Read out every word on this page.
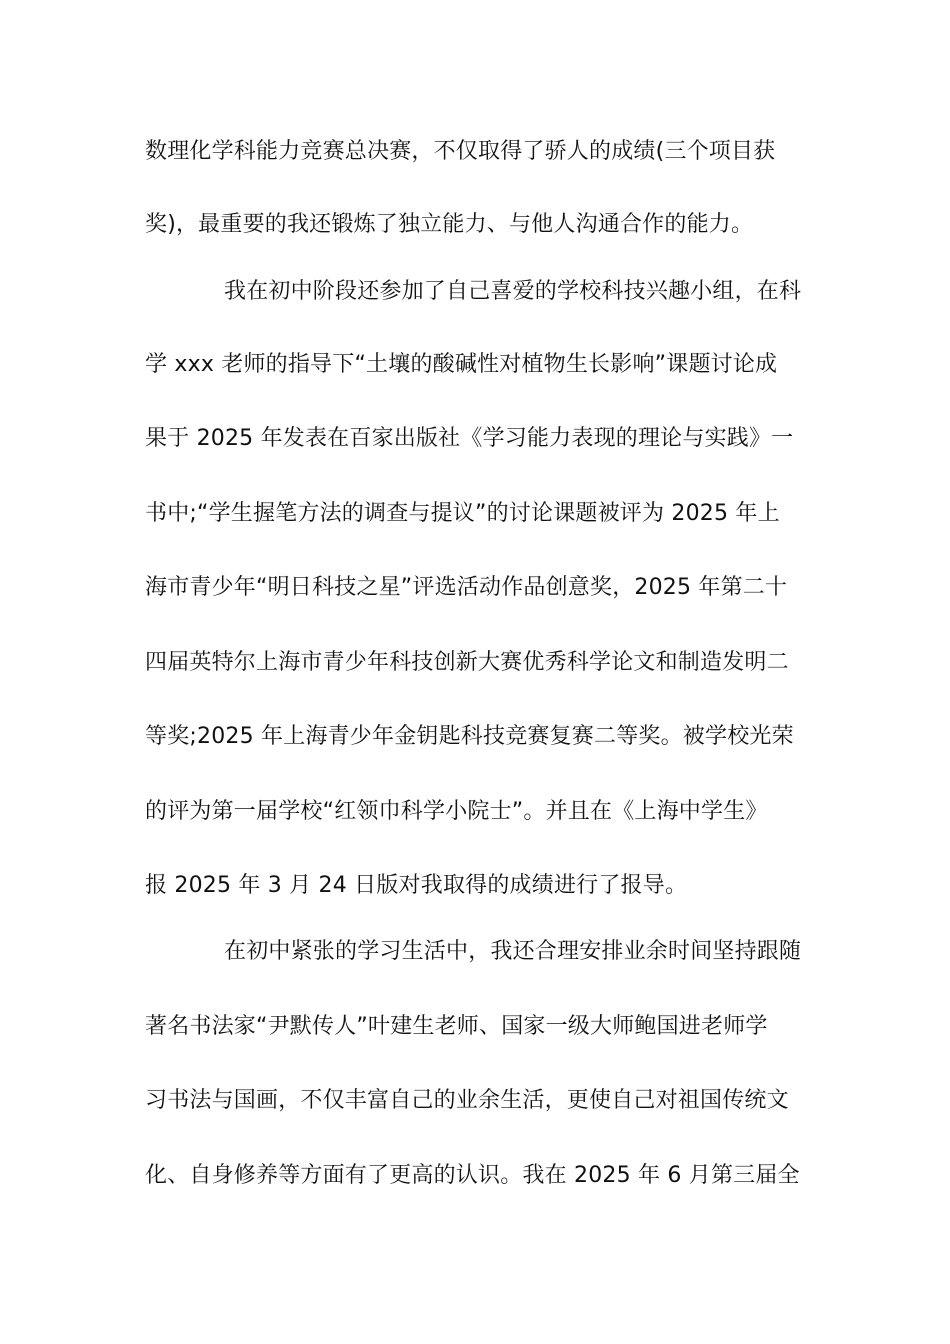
数理化学科能力竞赛总决赛，不仅取得了骄人的成绩(三个项目获
奖)，最重要的我还锻炼了独立能力、与他人沟通合作的能力。
我在初中阶段还参加了自己喜爱的学校科技兴趣小组，在科
学 xxx 老师的指导下“土壤的酸碱性对植物生长影响”课题讨论成
果于 2025 年发表在百家出版社《学习能力表现的理论与实践》一
书中;“学生握笔方法的调查与提议”的讨论课题被评为 2025 年上
海市青少年“明日科技之星”评选活动作品创意奖，2025 年第二十
四届英特尔上海市青少年科技创新大赛优秀科学论文和制造发明二
等奖;2025 年上海青少年金钥匙科技竞赛复赛二等奖。被学校光荣
的评为第一届学校“红领巾科学小院士”。并且在《上海中学生》
报 2025 年 3 月 24 日版对我取得的成绩进行了报导。
在初中紧张的学习生活中，我还合理安排业余时间坚持跟随
著名书法家“尹默传人”叶建生老师、国家一级大师鲍国进老师学
习书法与国画，不仅丰富自己的业余生活，更使自己对祖国传统文
化、自身修养等方面有了更高的认识。我在 2025 年 6 月第三届全
